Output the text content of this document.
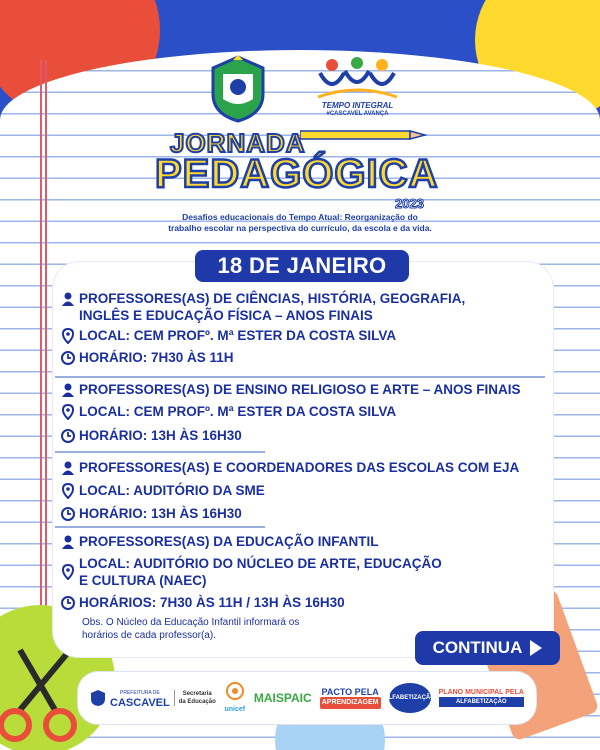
TEMPO INTEGRAL
#CASCAVEL AVANÇA
JORNADA
PEDAGÓGICA
2023
Desafios educacionais do Tempo Atual: Reorganização do
trabalho escolar na perspectiva do currículo, da escola e da vida.
18 DE JANEIRO
PROFESSORES(AS) DE CIÊNCIAS, HISTÓRIA, GEOGRAFIA,
INGLÊS E EDUCAÇÃO FÍSICA – ANOS FINAIS
LOCAL: CEM PROFº. Mª ESTER DA COSTA SILVA
HORÁRIO: 7H30 ÀS 11H
PROFESSORES(AS) DE ENSINO RELIGIOSO E ARTE – ANOS FINAIS
LOCAL: CEM PROFº. Mª ESTER DA COSTA SILVA
HORÁRIO: 13H ÀS 16H30
PROFESSORES(AS) E COORDENADORES DAS ESCOLAS COM EJA
LOCAL: AUDITÓRIO DA SME
HORÁRIO: 13H ÀS 16H30
PROFESSORES(AS) DA EDUCAÇÃO INFANTIL
LOCAL: AUDITÓRIO DO NÚCLEO DE ARTE, EDUCAÇÃO
E CULTURA (NAEC)
HORÁRIOS: 7H30 ÀS 11H / 13H ÀS 16H30
Obs. O Núcleo da Educação Infantil informará os
horários de cada professor(a).
CONTINUA
PREFEITURA DE
CASCAVEL
Secretaria
da Educação
unicef
MAISPAIC PACTO PELA
APRENDIZAGEM
ALFABETIZAÇÃO
PLANO MUNICIPAL PELA
ALFABETIZAÇÃO
